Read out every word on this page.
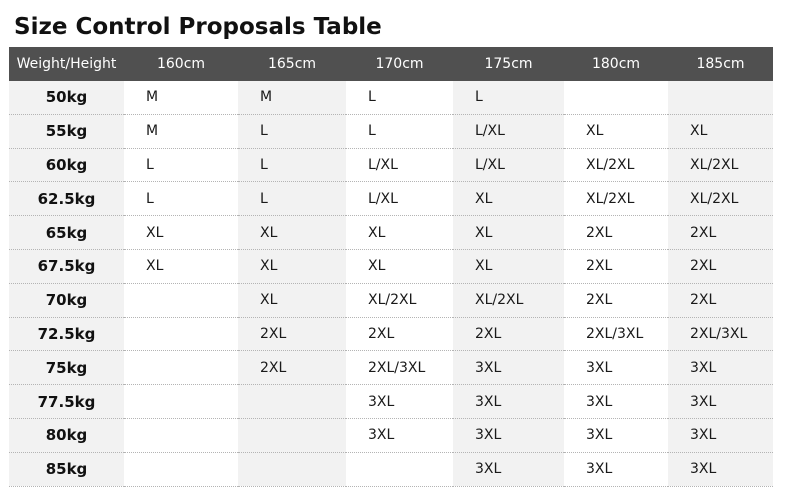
Size Control Proposals Table
Weight/Height	160cm	165cm	170cm	175cm	180cm	185cm
50kg	M	M	L	L		

55kg	M	L	L	L/XL	XL	XL

60kg	L	L	L/XL	L/XL	XL/2XL	XL/2XL

62.5kg	L	L	L/XL	XL	XL/2XL	XL/2XL

65kg	XL	XL	XL	XL	2XL	2XL

67.5kg	XL	XL	XL	XL	2XL	2XL

70kg		XL	XL/2XL	XL/2XL	2XL	2XL

72.5kg		2XL	2XL	2XL	2XL/3XL	2XL/3XL

75kg		2XL	2XL/3XL	3XL	3XL	3XL

77.5kg			3XL	3XL	3XL	3XL

80kg			3XL	3XL	3XL	3XL

85kg				3XL	3XL	3XL
